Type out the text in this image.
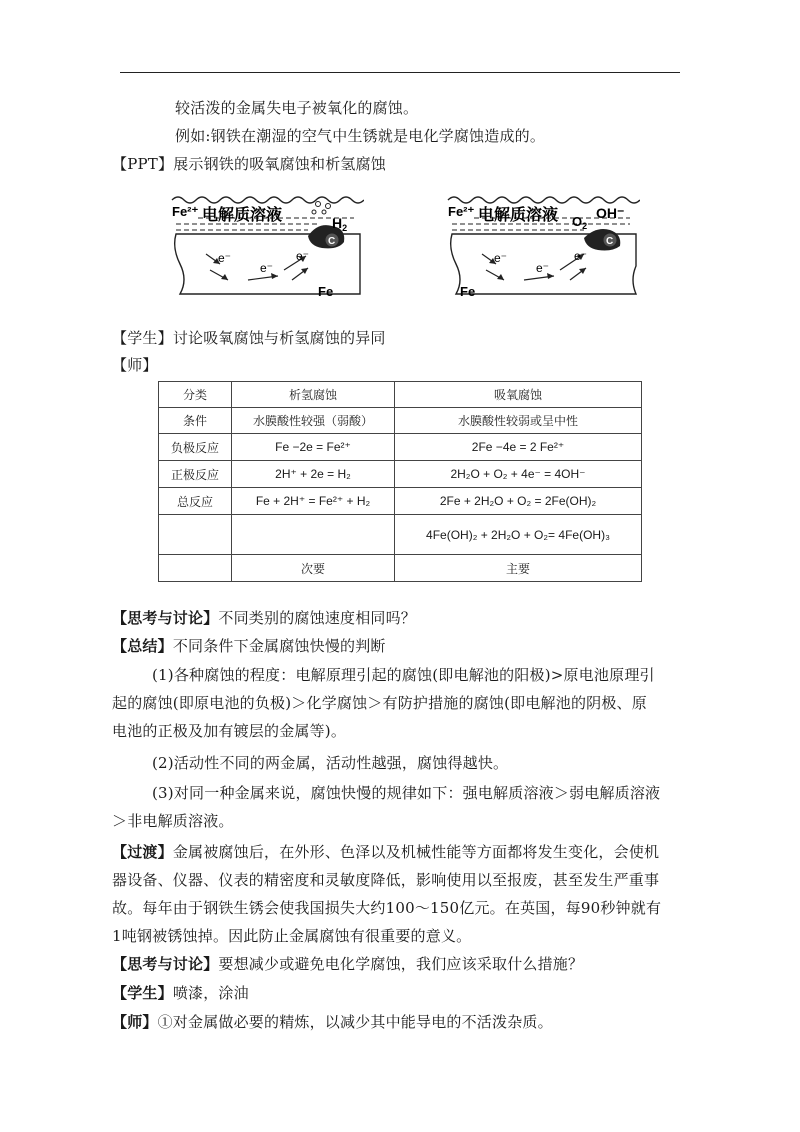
较活泼的金属失电子被氧化的腐蚀。
例如:钢铁在潮湿的空气中生锈就是电化学腐蚀造成的。
【PPT】展示钢铁的吸氧腐蚀和析氢腐蚀
C
Fe²⁺ 电解质溶液	$H_2$
e⁻
e⁻
e⁻
Fe
C
Fe²⁺ 电解质溶液 $O_2$
OH⁻
e⁻
e⁻
e⁻
Fe
【学生】讨论吸氧腐蚀与析氢腐蚀的异同
【师】
分类	析氢腐蚀	吸氧腐蚀
条件	水膜酸性较强（弱酸）	水膜酸性较弱或呈中性
负极反应	Fe −2e = Fe²⁺	2Fe −4e = 2 Fe²⁺
正极反应	2H⁺ + 2e = H₂	2H₂O + O₂ + 4e⁻ = 4OH⁻
总反应	Fe + 2H⁺ = Fe²⁺ + H₂	2Fe + 2H₂O + O₂ = 2Fe(OH)₂
		4Fe(OH)₂ + 2H₂O + O₂= 4Fe(OH)₃
	次要	主要
【思考与讨论】不同类别的腐蚀速度相同吗？
【总结】不同条件下金属腐蚀快慢的判断
(1)各种腐蚀的程度：电解原理引起的腐蚀(即电解池的阳极)>原电池原理引
起的腐蚀(即原电池的负极)＞化学腐蚀＞有防护措施的腐蚀(即电解池的阴极、原
电池的正极及加有镀层的金属等)。
(2)活动性不同的两金属，活动性越强，腐蚀得越快。
(3)对同一种金属来说，腐蚀快慢的规律如下：强电解质溶液＞弱电解质溶液
＞非电解质溶液。
【过渡】金属被腐蚀后，在外形、色泽以及机械性能等方面都将发生变化，会使机
器设备、仪器、仪表的精密度和灵敏度降低，影响使用以至报废，甚至发生严重事
故。每年由于钢铁生锈会使我国损失大约100～150亿元。在英国，每90秒钟就有
1吨钢被锈蚀掉。因此防止金属腐蚀有很重要的意义。
【思考与讨论】要想减少或避免电化学腐蚀，我们应该采取什么措施？
【学生】喷漆，涂油
【师】①对金属做必要的精炼，以减少其中能导电的不活泼杂质。
